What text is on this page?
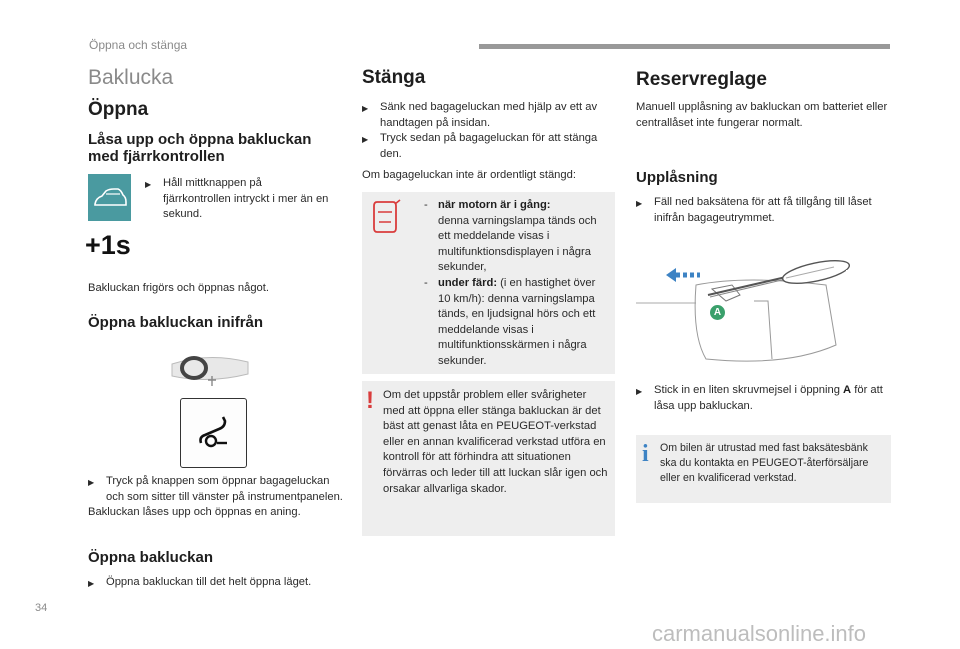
Öppna och stänga
Baklucka
Öppna
Låsa upp och öppna bakluckan med fjärrkontrollen
▶	Håll mittknappen på fjärrkontrollen intryckt i mer än en sekund.
+1s
Bakluckan frigörs och öppnas något.
Öppna bakluckan inifrån
▶	Tryck på knappen som öppnar bagageluckan och som sitter till vänster på instrumentpanelen.
Bakluckan låses upp och öppnas en aning.
Öppna bakluckan
▶	Öppna bakluckan till det helt öppna läget.
Stänga
▶	Sänk ned bagageluckan med hjälp av ett av handtagen på insidan.
▶	Tryck sedan på bagageluckan för att stänga den.
Om bagageluckan inte är ordentligt stängd:
- när motorn är i gång:
denna varningslampa tänds och ett meddelande visas i multifunktionsdisplayen i några sekunder,
- under färd: (i en hastighet över 10 km/h): denna varningslampa tänds, en ljudsignal hörs och ett meddelande visas i multifunktionsskärmen i några sekunder.
! Om det uppstår problem eller svårigheter med att öppna eller stänga bakluckan är det bäst att genast låta en PEUGEOT-verkstad eller en annan kvalificerad verkstad utföra en kontroll för att förhindra att situationen förvärras och leder till att luckan slår igen och orsakar allvarliga skador.
Reservreglage
Manuell upplåsning av bakluckan om batteriet eller centrallåset inte fungerar normalt.
Upplåsning
▶	Fäll ned baksätena för att få tillgång till låset inifrån bagageutrymmet.
A
▶	Stick in en liten skruvmejsel i öppning A för att låsa upp bakluckan.
i Om bilen är utrustad med fast baksätesbänk ska du kontakta en PEUGEOT-återförsäljare eller en kvalificerad verkstad.
34
carmanualsonline.info
